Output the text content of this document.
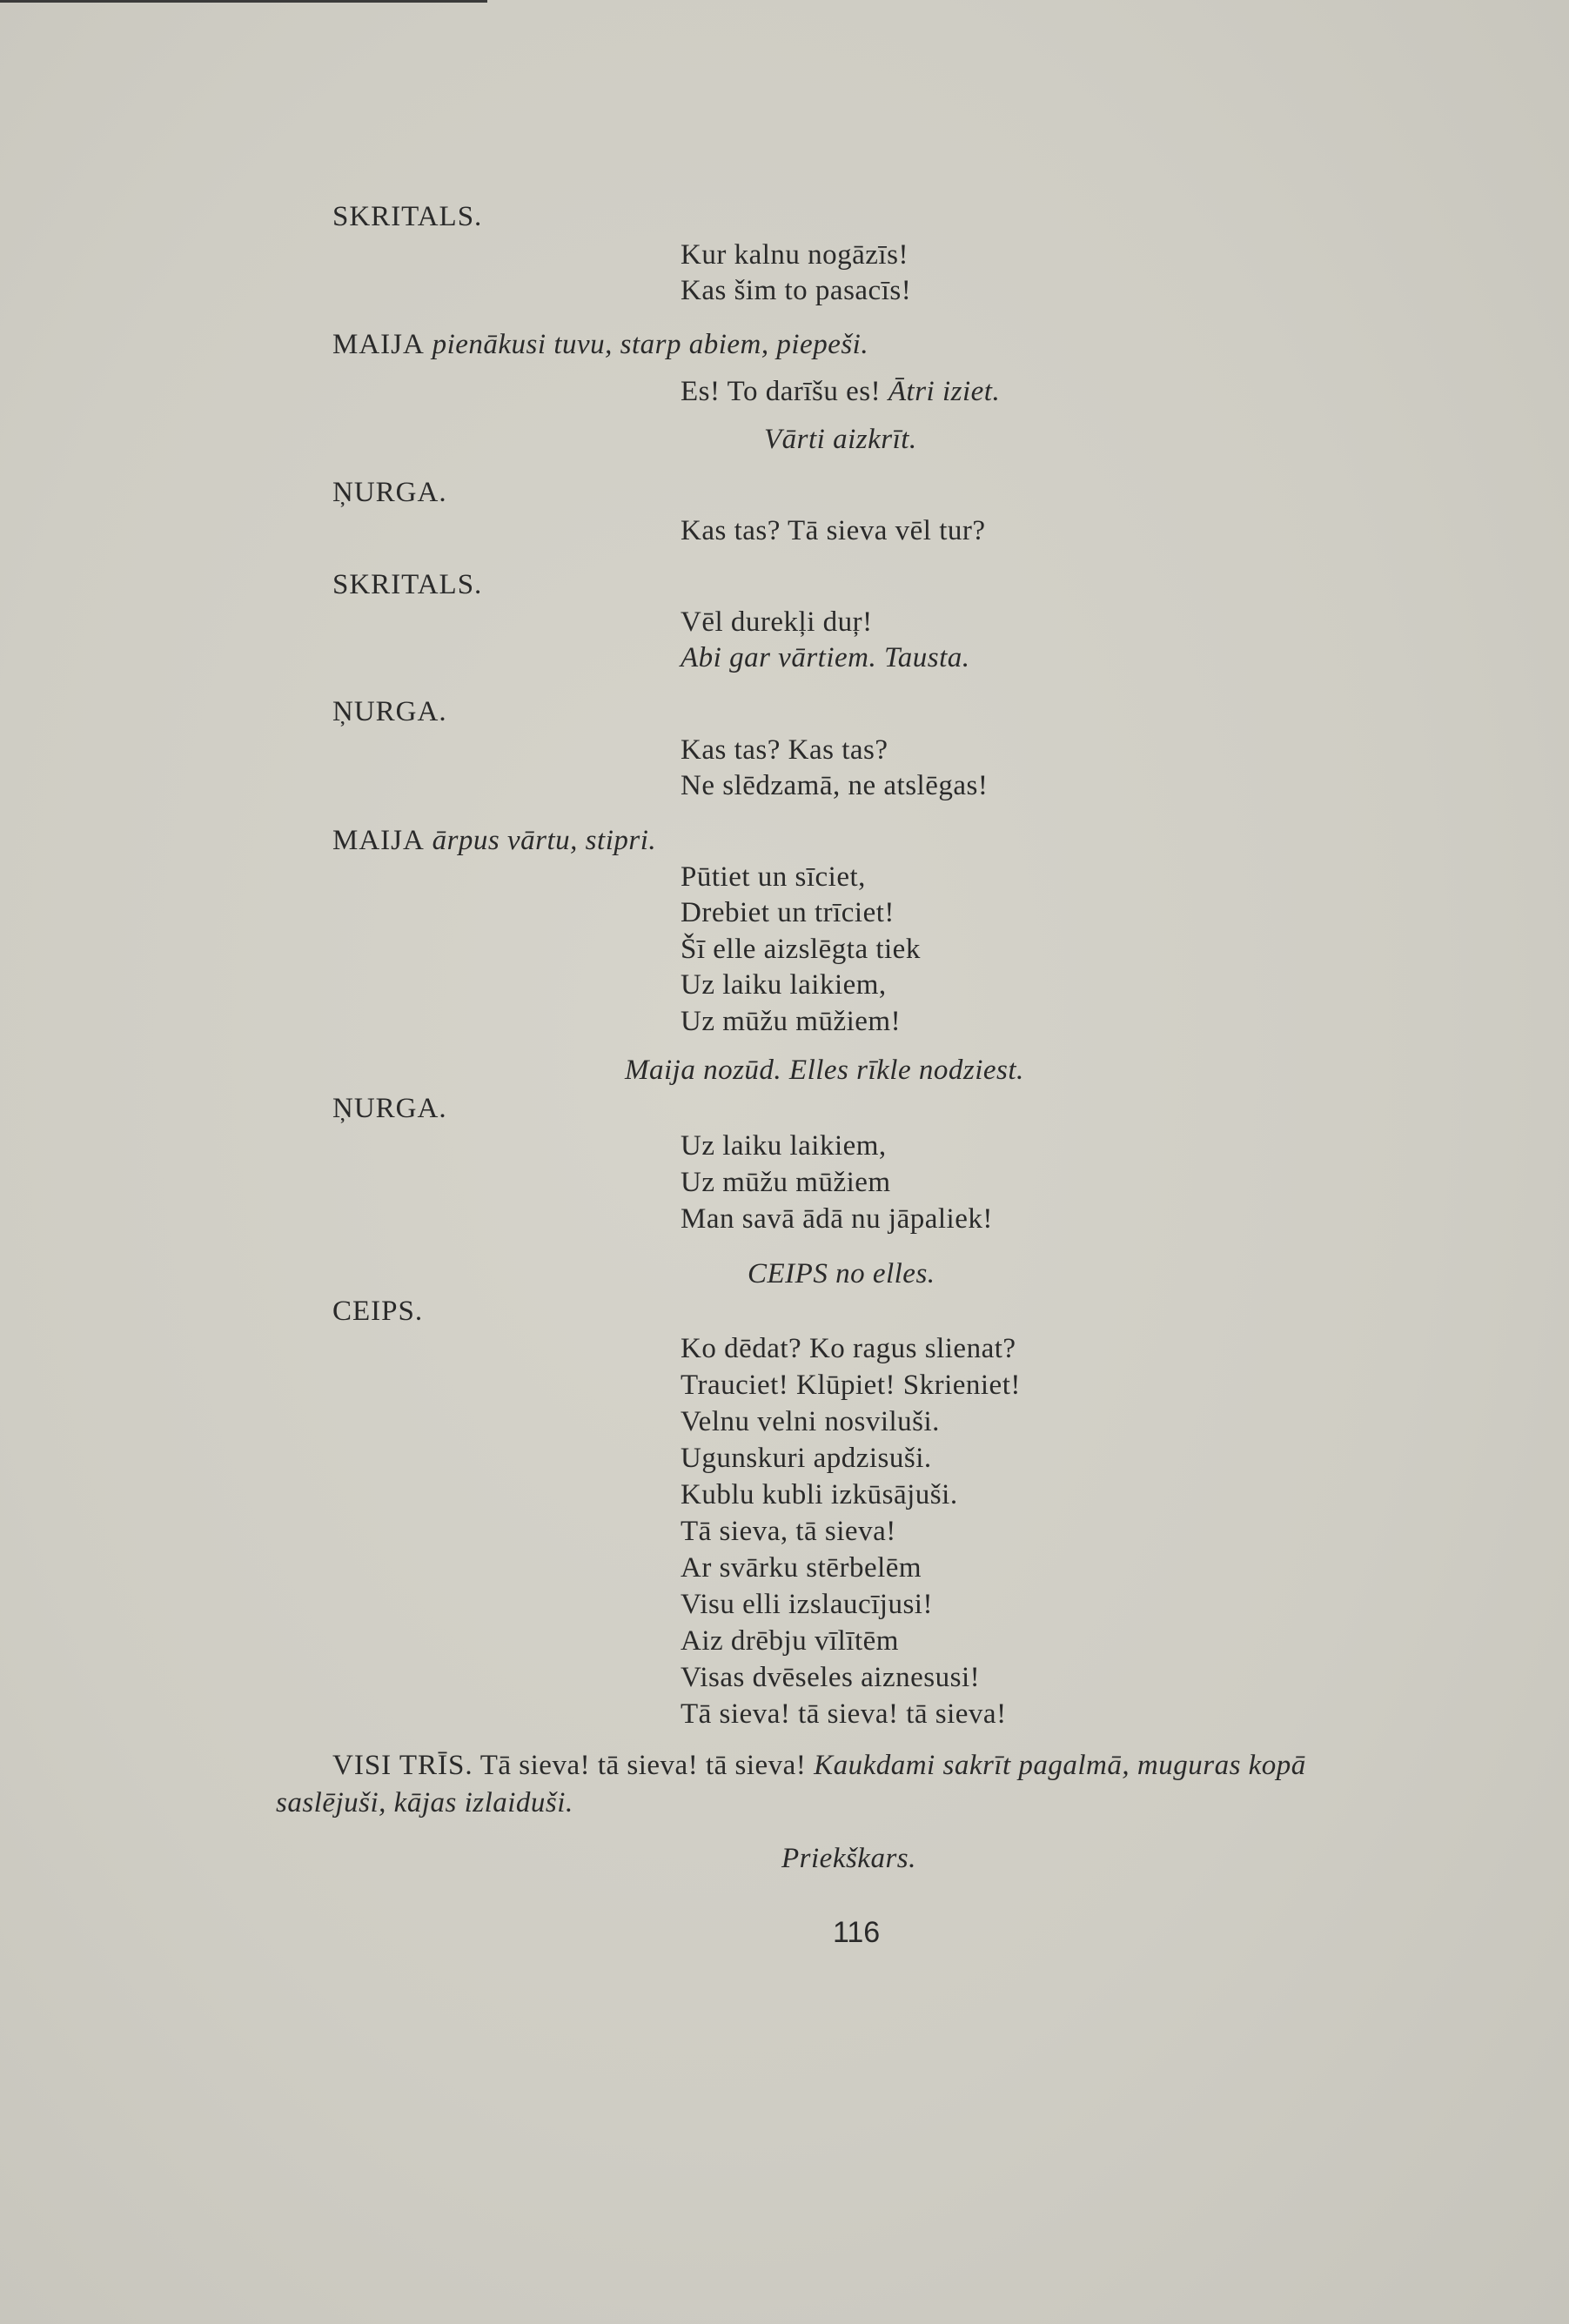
SKRITALS.
Kur kalnu nogāzīs!
Kas šim to pasacīs!
MAIJA pienākusi tuvu, starp abiem, piepeši.
Es! To darīšu es! Ātri iziet.
Vārti aizkrīt.
ŅURGA.
Kas tas? Tā sieva vēl tur?
SKRITALS.
Vēl durekļi duŗ!
Abi gar vārtiem. Tausta.
ŅURGA.
Kas tas? Kas tas?
Ne slēdzamā, ne atslēgas!
MAIJA ārpus vārtu, stipri.
Pūtiet un sīciet,
Drebiet un trīciet!
Šī elle aizslēgta tiek
Uz laiku laikiem,
Uz mūžu mūžiem!
Maija nozūd. Elles rīkle nodziest.
ŅURGA.
Uz laiku laikiem,
Uz mūžu mūžiem
Man savā ādā nu jāpaliek!
CEIPS no elles.
CEIPS.
Ko dēdat? Ko ragus slienat?
Trauciet! Klūpiet! Skrieniet!
Velnu velni nosviluši.
Ugunskuri apdzisuši.
Kublu kubli izkūsājuši.
Tā sieva, tā sieva!
Ar svārku stērbelēm
Visu elli izslaucījusi!
Aiz drēbju vīlītēm
Visas dvēseles aiznesusi!
Tā sieva! tā sieva! tā sieva!
VISI TRĪS. Tā sieva! tā sieva! tā sieva! Kaukdami sakrīt pagalmā, muguras kopā
saslējuši, kājas izlaiduši.
Priekškars.
116
